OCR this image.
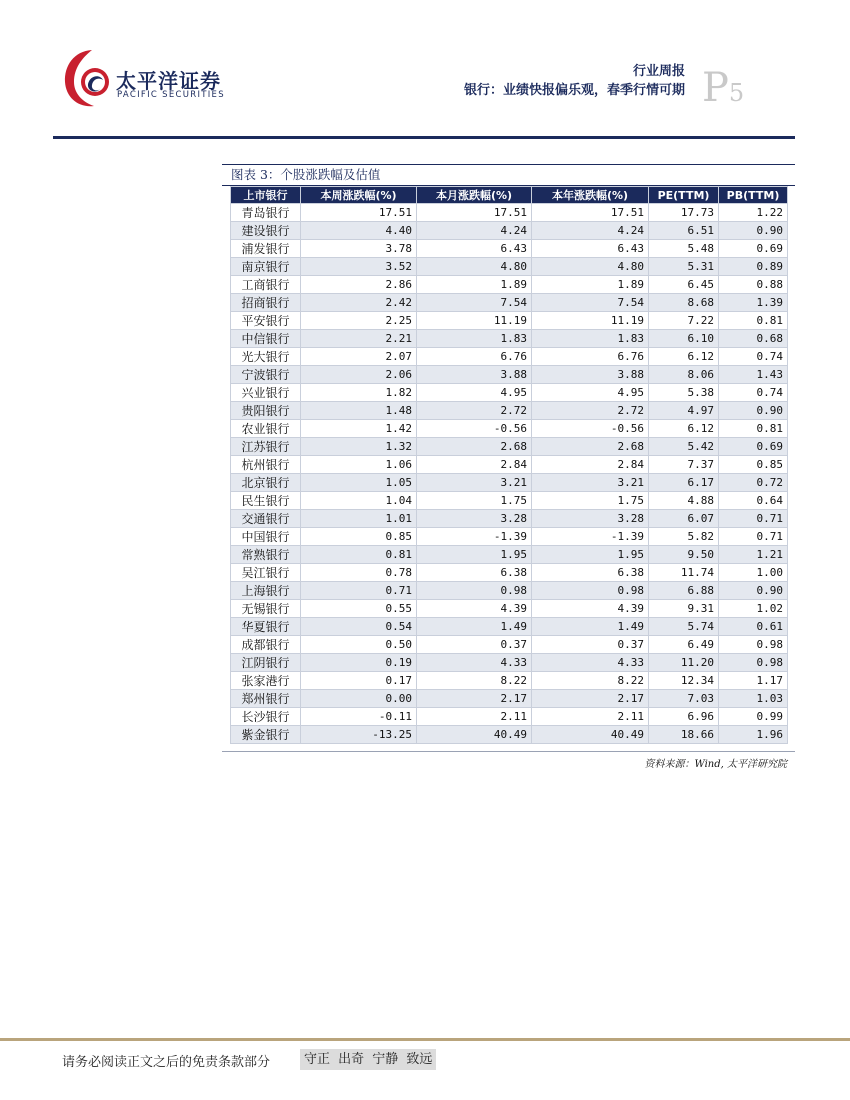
太平洋证券
PACIFIC SECURITIES
行业周报
银行：业绩快报偏乐观，春季行情可期 P5
图表 3：个股涨跌幅及估值
上市银行	本周涨跌幅(%)	本月涨跌幅(%)	本年涨跌幅(%)	PE(TTM)	PB(TTM)
青岛银行	17.51	17.51	17.51	17.73	1.22
建设银行	4.40	4.24	4.24	6.51	0.90
浦发银行	3.78	6.43	6.43	5.48	0.69
南京银行	3.52	4.80	4.80	5.31	0.89
工商银行	2.86	1.89	1.89	6.45	0.88
招商银行	2.42	7.54	7.54	8.68	1.39
平安银行	2.25	11.19	11.19	7.22	0.81
中信银行	2.21	1.83	1.83	6.10	0.68
光大银行	2.07	6.76	6.76	6.12	0.74
宁波银行	2.06	3.88	3.88	8.06	1.43
兴业银行	1.82	4.95	4.95	5.38	0.74
贵阳银行	1.48	2.72	2.72	4.97	0.90
农业银行	1.42	-0.56	-0.56	6.12	0.81
江苏银行	1.32	2.68	2.68	5.42	0.69
杭州银行	1.06	2.84	2.84	7.37	0.85
北京银行	1.05	3.21	3.21	6.17	0.72
民生银行	1.04	1.75	1.75	4.88	0.64
交通银行	1.01	3.28	3.28	6.07	0.71
中国银行	0.85	-1.39	-1.39	5.82	0.71
常熟银行	0.81	1.95	1.95	9.50	1.21
吴江银行	0.78	6.38	6.38	11.74	1.00
上海银行	0.71	0.98	0.98	6.88	0.90
无锡银行	0.55	4.39	4.39	9.31	1.02
华夏银行	0.54	1.49	1.49	5.74	0.61
成都银行	0.50	0.37	0.37	6.49	0.98
江阴银行	0.19	4.33	4.33	11.20	0.98
张家港行	0.17	8.22	8.22	12.34	1.17
郑州银行	0.00	2.17	2.17	7.03	1.03
长沙银行	-0.11	2.11	2.11	6.96	0.99
紫金银行	-13.25	40.49	40.49	18.66	1.96
资料来源：Wind, 太平洋研究院
请务必阅读正文之后的免责条款部分	守正 出奇 宁静 致远
